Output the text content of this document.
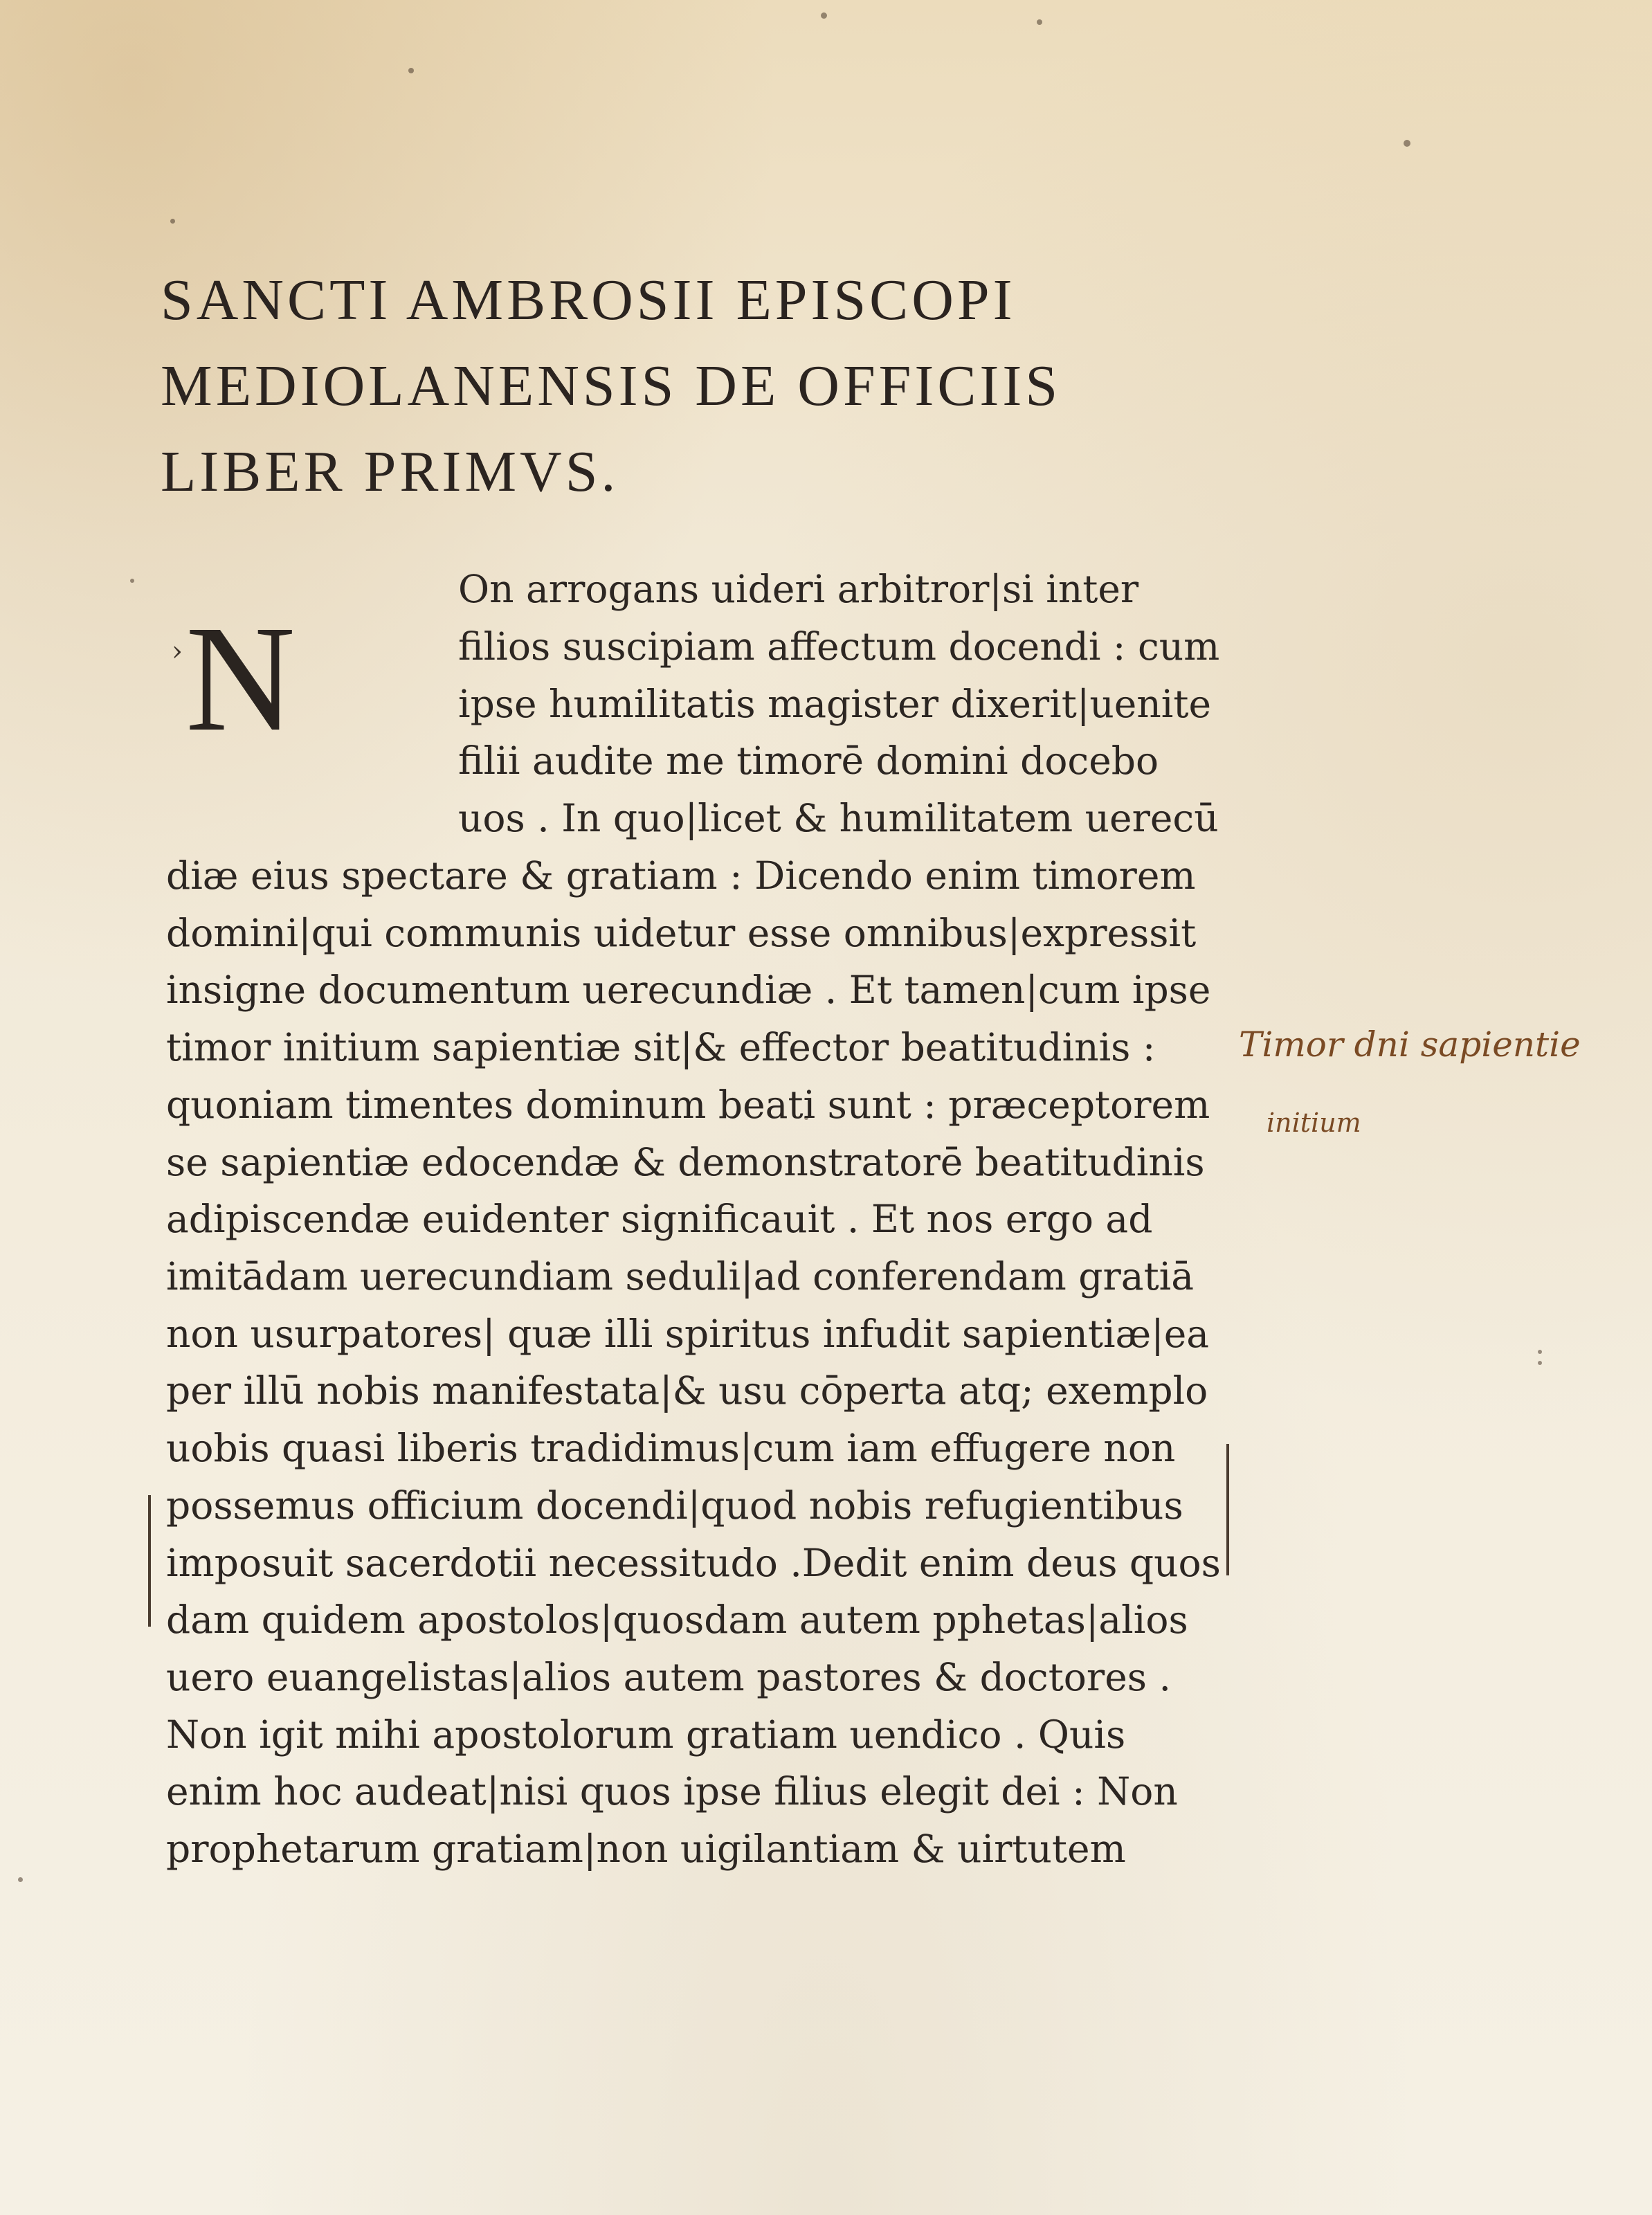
SANCTI AMBROSII EPISCOPI
MEDIOLANENSIS DE OFFICIIS
LIBER PRIMVS.
› N
On arrogans uideri arbitror|si inter
filios suscipiam affectum docendi : cum
ipse humilitatis magister dixerit|uenite
filii audite me timorē domini docebo
uos . In quo|licet & humilitatem uerecū
diæ eius spectare & gratiam : Dicendo enim timorem
domini|qui communis uidetur esse omnibus|expressit
insigne documentum uerecundiæ . Et tamen|cum ipse
timor initium sapientiæ sit|& effector beatitudinis :
quoniam timentes dominum beati sunt : præceptorem
se sapientiæ edocendæ & demonstratorē beatitudinis
adipiscendæ euidenter significauit . Et nos ergo ad
imitādam uerecundiam seduli|ad conferendam gratiā
non usurpatores| quæ illi spiritus infudit sapientiæ|ea
per illū nobis manifestata|& usu cōperta atq; exemplo
uobis quasi liberis tradidimus|cum iam effugere non
possemus officium docendi|quod nobis refugientibus
imposuit sacerdotii necessitudo .Dedit enim deus quos
dam quidem apostolos|quosdam autem pphetas|alios
uero euangelistas|alios autem pastores & doctores .
Non igit mihi apostolorum gratiam uendico . Quis
enim hoc audeat|nisi quos ipse filius elegit dei : Non
prophetarum gratiam|non uigilantiam & uirtutem
Timor dni sapientie
initium
